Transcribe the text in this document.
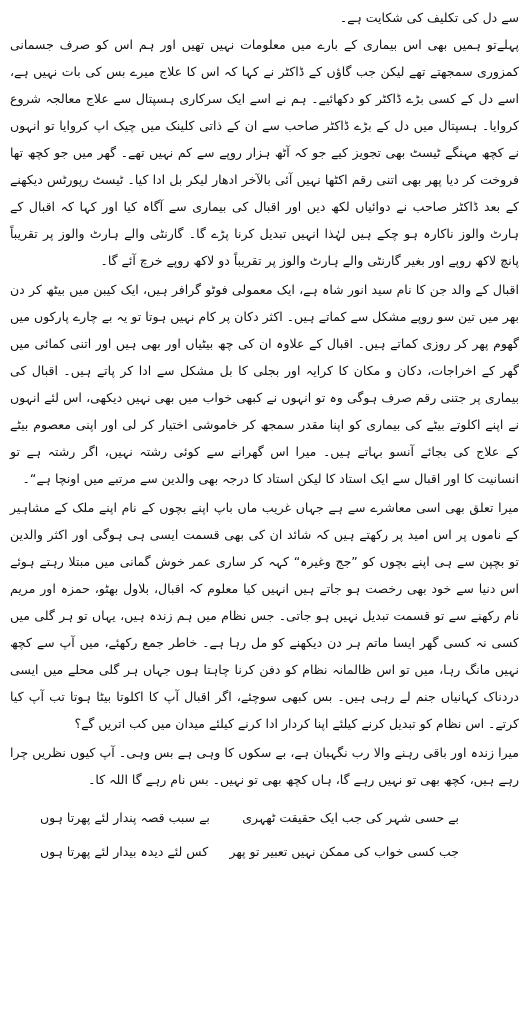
سے دل کی تکلیف کی شکایت ہے۔

پہلےتو ہمیں بھی اس بیماری کے بارے میں معلومات نہیں تھیں اور ہم اس کو صرف جسمانی کمزوری سمجھتے تھے لیکن جب گاؤں کے ڈاکٹر نے کہا کہ اس کا علاج میرے بس کی بات نہیں ہے، اسے دل کے کسی بڑے ڈاکٹر کو دکھائیے۔ ہم نے اسے ایک سرکاری ہسپتال سے علاج معالجہ شروع کروایا۔ ہسپتال میں دل کے بڑے ڈاکٹر صاحب سے ان کے ذاتی کلینک میں چیک اپ کروایا تو انہوں نے کچھ مہنگے ٹیسٹ بھی تجویز کیے جو کہ آٹھ ہزار روپے سے کم نہیں تھے۔ گھر میں جو کچھ تھا فروخت کر دیا پھر بھی اتنی رقم اکٹھا نہیں آئی بالآخر ادھار لیکر بل ادا کیا۔ ٹیسٹ رپورٹس دیکھنے کے بعد ڈاکٹر صاحب نے دوائیاں لکھ دیں اور اقبال کی بیماری سے آگاہ کیا اور کہا کہ اقبال کے ہارٹ والوز ناکارہ ہو چکے ہیں لہٰذا انہیں تبدیل کرنا پڑے گا۔ گارنٹی والے ہارٹ والوز پر تقریباً پانچ لاکھ روپے اور بغیر گارنٹی والے ہارٹ والوز پر تقریباً دو لاکھ روپے خرچ آئے گا۔

اقبال کے والد جن کا نام سید انور شاہ ہے، ایک معمولی فوٹو گرافر ہیں، ایک کیبن میں بیٹھ کر دن بھر میں تین سو روپے مشکل سے کماتے ہیں۔ اکثر دکان پر کام نہیں ہوتا تو یہ بے چارے پارکوں میں گھوم پھر کر روزی کماتے ہیں۔ اقبال کے علاوہ ان کی چھ بیٹیاں اور بھی ہیں اور اتنی کمائی میں گھر کے اخراجات، دکان و مکان کا کرایہ اور بجلی کا بل مشکل سے ادا کر پاتے ہیں۔ اقبال کی بیماری پر جتنی رقم صرف ہوگی وہ تو انہوں نے کبھی خواب میں بھی نہیں دیکھی، اس لئے انہوں نے اپنے اکلوتے بیٹے کی بیماری کو اپنا مقدر سمجھ کر خاموشی اختیار کر لی اور اپنی معصوم بیٹے کے علاج کی بجائے آنسو بہاتے ہیں۔ میرا اس گھرانے سے کوئی رشتہ نہیں، اگر رشتہ ہے تو انسانیت کا اور اقبال سے ایک استاد کا لیکن استاد کا درجہ بھی والدین سے مرتبے میں اونچا ہے“۔

میرا تعلق بھی اسی معاشرے سے ہے جہاں غریب ماں باپ اپنے بچوں کے نام اپنے ملک کے مشاہیر کے ناموں پر اس امید پر رکھتے ہیں کہ شائد ان کی بھی قسمت ایسی ہی ہوگی اور اکثر والدین تو بچپن سے ہی اپنے بچوں کو ”جج وغیرہ“ کہہ کر ساری عمر خوش گمانی میں مبتلا رہتے ہوئے اس دنیا سے خود بھی رخصت ہو جاتے ہیں انہیں کیا معلوم کہ اقبال، بلاول بھٹو، حمزہ اور مریم نام رکھنے سے تو قسمت تبدیل نہیں ہو جاتی۔ جس نظام میں ہم زندہ ہیں، یہاں تو ہر گلی میں کسی نہ کسی گھر ایسا ماتم ہر دن دیکھنے کو مل رہا ہے۔ خاطر جمع رکھئے، میں آپ سے کچھ نہیں مانگ رہا، میں تو اس ظالمانہ نظام کو دفن کرنا چاہتا ہوں جہاں ہر گلی محلے میں ایسی دردناک کہانیاں جنم لے رہی ہیں۔ بس کبھی سوچئے، اگر اقبال آپ کا اکلوتا بیٹا ہوتا تب آپ کیا کرتے۔ اس نظام کو تبدیل کرنے کیلئے اپنا کردار ادا کرنے کیلئے میدان میں کب اتریں گے؟

میرا زندہ اور باقی رہنے والا رب نگہبان ہے، بے سکوں کا وہی ہے بس وہی۔ آپ کیوں نظریں چرا رہے ہیں، کچھ بھی تو نہیں رہے گا، ہاں کچھ بھی تو نہیں۔ بس نام رہے گا اللہ کا۔

بے حسی شہر کی جب ایک حقیقت ٹھہری
بے سبب قصہ پندار لئے پھرتا ہوں
جب کسی خواب کی ممکن نہیں تعبیر تو پھر
کس لئے دیدہ بیدار لئے پھرتا ہوں
